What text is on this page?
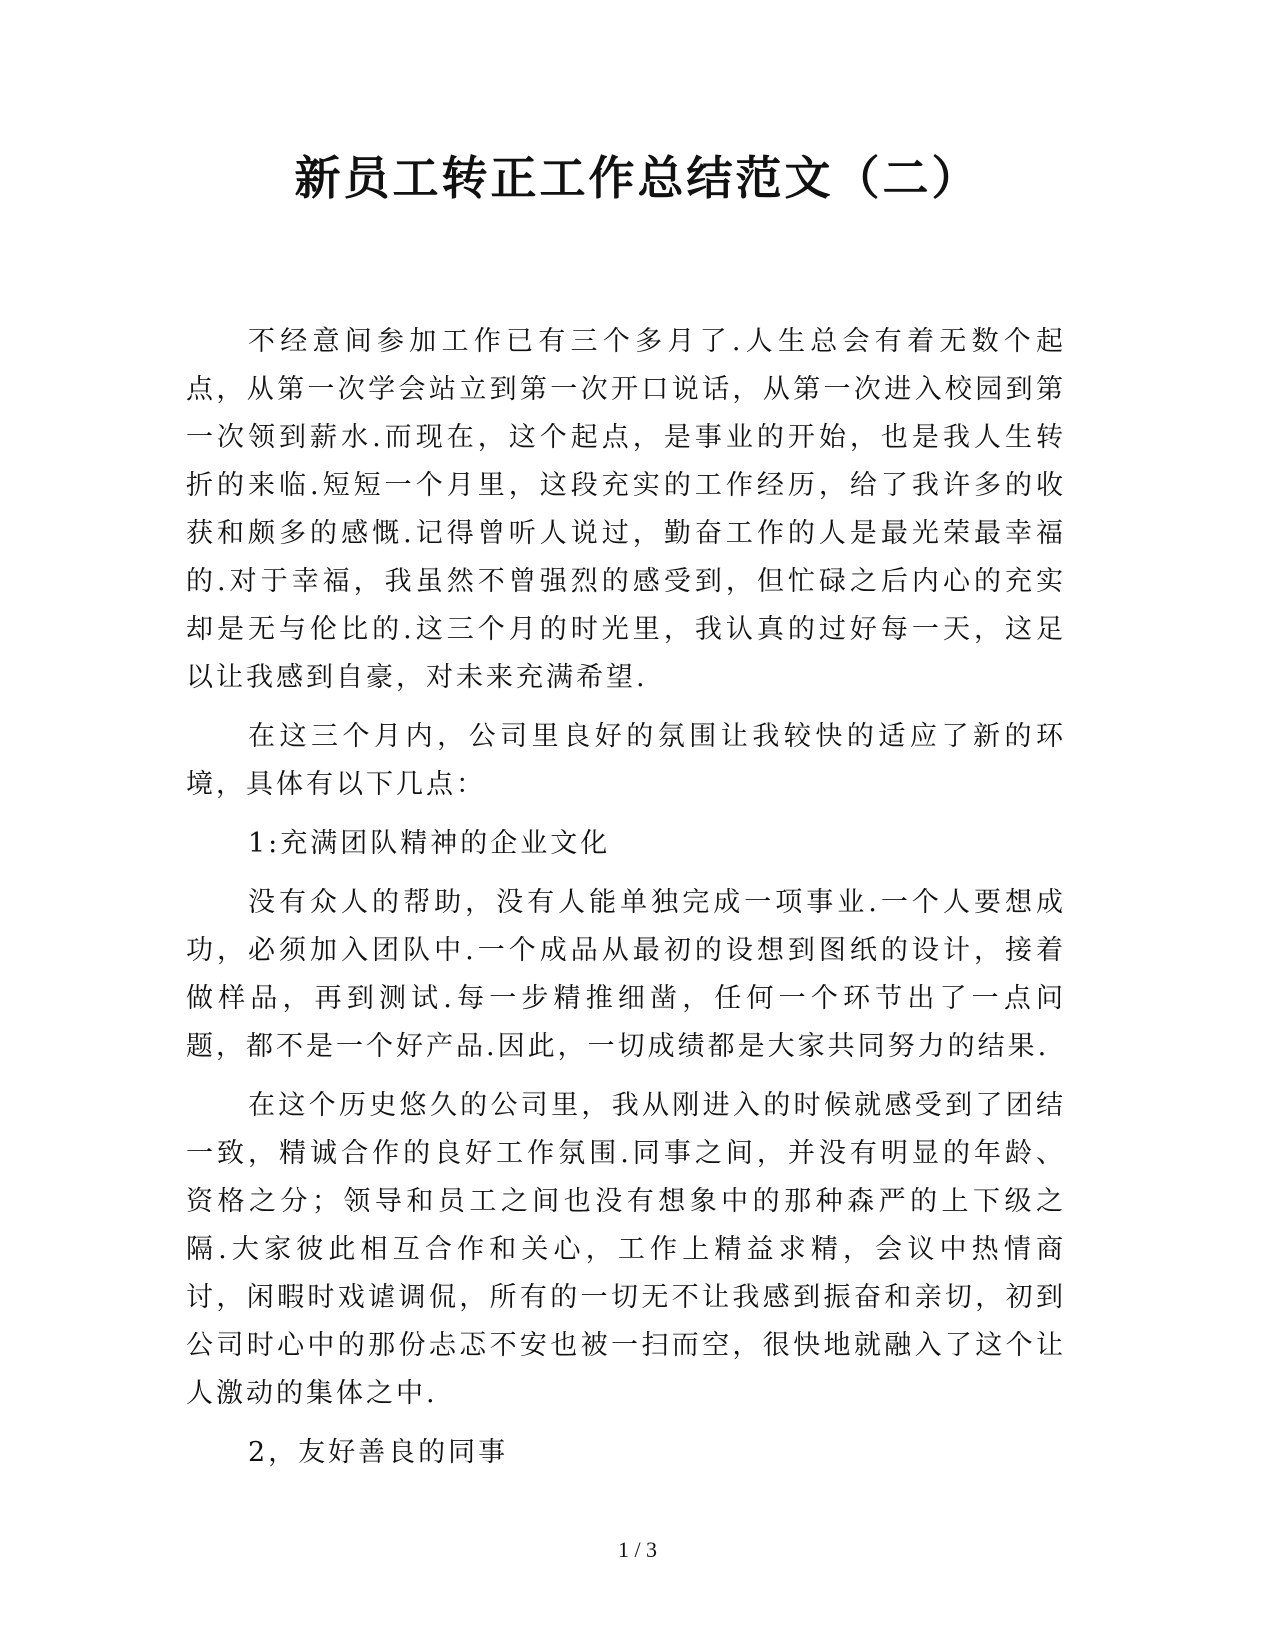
新员工转正工作总结范文（二）

不经意间参加工作已有三个多月了.人生总会有着无数个起点，从第一次学会站立到第一次开口说话，从第一次进入校园到第一次领到薪水.而现在，这个起点，是事业的开始，也是我人生转折的来临.短短一个月里，这段充实的工作经历，给了我许多的收获和颇多的感慨.记得曾听人说过，勤奋工作的人是最光荣最幸福的.对于幸福，我虽然不曾强烈的感受到，但忙碌之后内心的充实却是无与伦比的.这三个月的时光里，我认真的过好每一天，这足以让我感到自豪，对未来充满希望.

在这三个月内，公司里良好的氛围让我较快的适应了新的环境，具体有以下几点：

1:充满团队精神的企业文化

没有众人的帮助，没有人能单独完成一项事业.一个人要想成功，必须加入团队中.一个成品从最初的设想到图纸的设计，接着做样品，再到测试.每一步精推细凿，任何一个环节出了一点问题，都不是一个好产品.因此，一切成绩都是大家共同努力的结果.

在这个历史悠久的公司里，我从刚进入的时候就感受到了团结一致，精诚合作的良好工作氛围.同事之间，并没有明显的年龄、资格之分；领导和员工之间也没有想象中的那种森严的上下级之隔.大家彼此相互合作和关心，工作上精益求精，会议中热情商讨，闲暇时戏谑调侃，所有的一切无不让我感到振奋和亲切，初到公司时心中的那份忐忑不安也被一扫而空，很快地就融入了这个让人激动的集体之中.

2，友好善良的同事

1 / 3
